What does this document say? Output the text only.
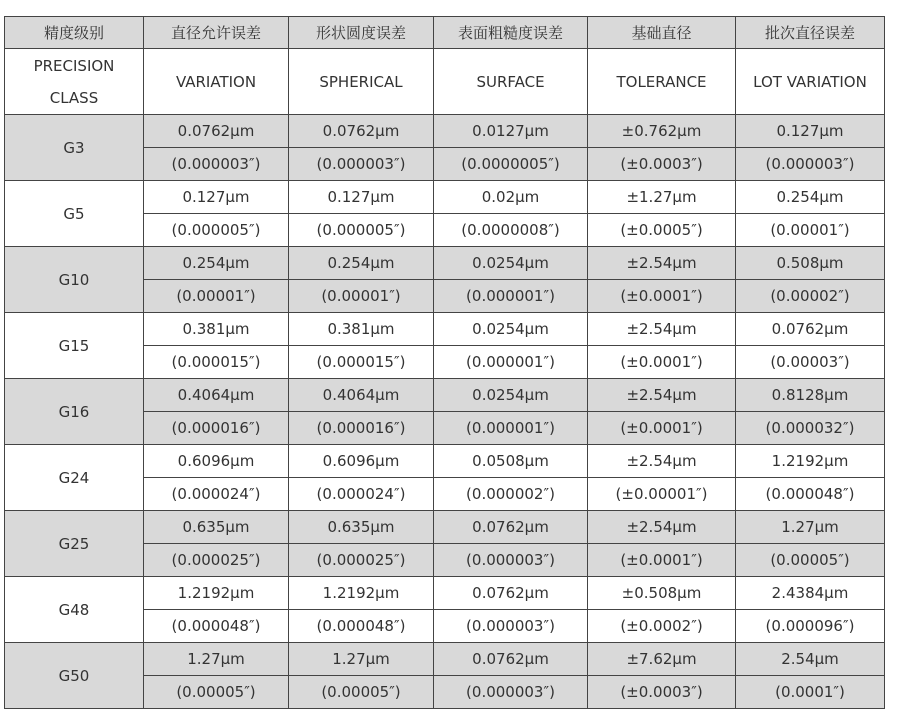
精度级别	直径允许误差	形状圆度误差	表面粗糙度误差	基础直径	批次直径误差
PRECISION
CLASS	VARIATION	SPHERICAL	SURFACE	TOLERANCE	LOT VARIATION
G3	0.0762μm	0.0762μm	0.0127μm	±0.762μm	0.127μm
	(0.000003″)	(0.000003″)	(0.0000005″)	(±0.0003″)	(0.000003″)
G5	0.127μm	0.127μm	0.02μm	±1.27μm	0.254μm
	(0.000005″)	(0.000005″)	(0.0000008″)	(±0.0005″)	(0.00001″)
G10	0.254μm	0.254μm	0.0254μm	±2.54μm	0.508μm
	(0.00001″)	(0.00001″)	(0.000001″)	(±0.0001″)	(0.00002″)
G15	0.381μm	0.381μm	0.0254μm	±2.54μm	0.0762μm
	(0.000015″)	(0.000015″)	(0.000001″)	(±0.0001″)	(0.00003″)
G16	0.4064μm	0.4064μm	0.0254μm	±2.54μm	0.8128μm
	(0.000016″)	(0.000016″)	(0.000001″)	(±0.0001″)	(0.000032″)
G24	0.6096μm	0.6096μm	0.0508μm	±2.54μm	1.2192μm
	(0.000024″)	(0.000024″)	(0.000002″)	(±0.00001″)	(0.000048″)
G25	0.635μm	0.635μm	0.0762μm	±2.54μm	1.27μm
	(0.000025″)	(0.000025″)	(0.000003″)	(±0.0001″)	(0.00005″)
G48	1.2192μm	1.2192μm	0.0762μm	±0.508μm	2.4384μm
	(0.000048″)	(0.000048″)	(0.000003″)	(±0.0002″)	(0.000096″)
G50	1.27μm	1.27μm	0.0762μm	±7.62μm	2.54μm
	(0.00005″)	(0.00005″)	(0.000003″)	(±0.0003″)	(0.0001″)
